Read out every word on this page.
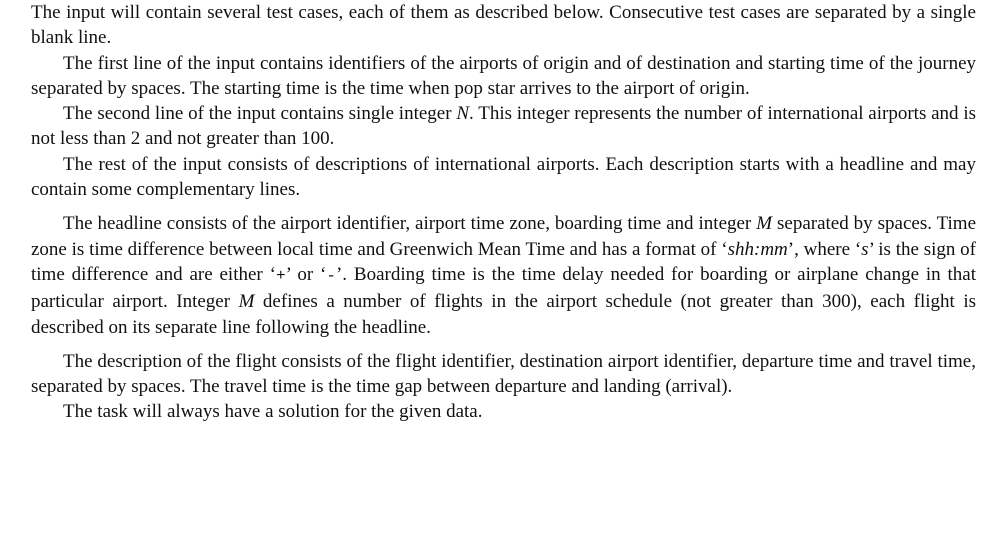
The input will contain several test cases, each of them as described below. Consecutive test cases are separated by a single blank line.

The first line of the input contains identifiers of the airports of origin and of destination and starting time of the journey separated by spaces. The starting time is the time when pop star arrives to the airport of origin.

The second line of the input contains single integer N. This integer represents the number of international airports and is not less than 2 and not greater than 100.

The rest of the input consists of descriptions of international airports. Each description starts with a headline and may contain some complementary lines.

The headline consists of the airport identifier, airport time zone, boarding time and integer M separated by spaces. Time zone is time difference between local time and Greenwich Mean Time and has a format of ‘shh:mm’, where ‘s’ is the sign of time difference and are either ‘+’ or ‘-’. Boarding time is the time delay needed for boarding or airplane change in that particular airport. Integer M defines a number of flights in the airport schedule (not greater than 300), each flight is described on its separate line following the headline.

The description of the flight consists of the flight identifier, destination airport identifier, departure time and travel time, separated by spaces. The travel time is the time gap between departure and landing (arrival).

The task will always have a solution for the given data.
